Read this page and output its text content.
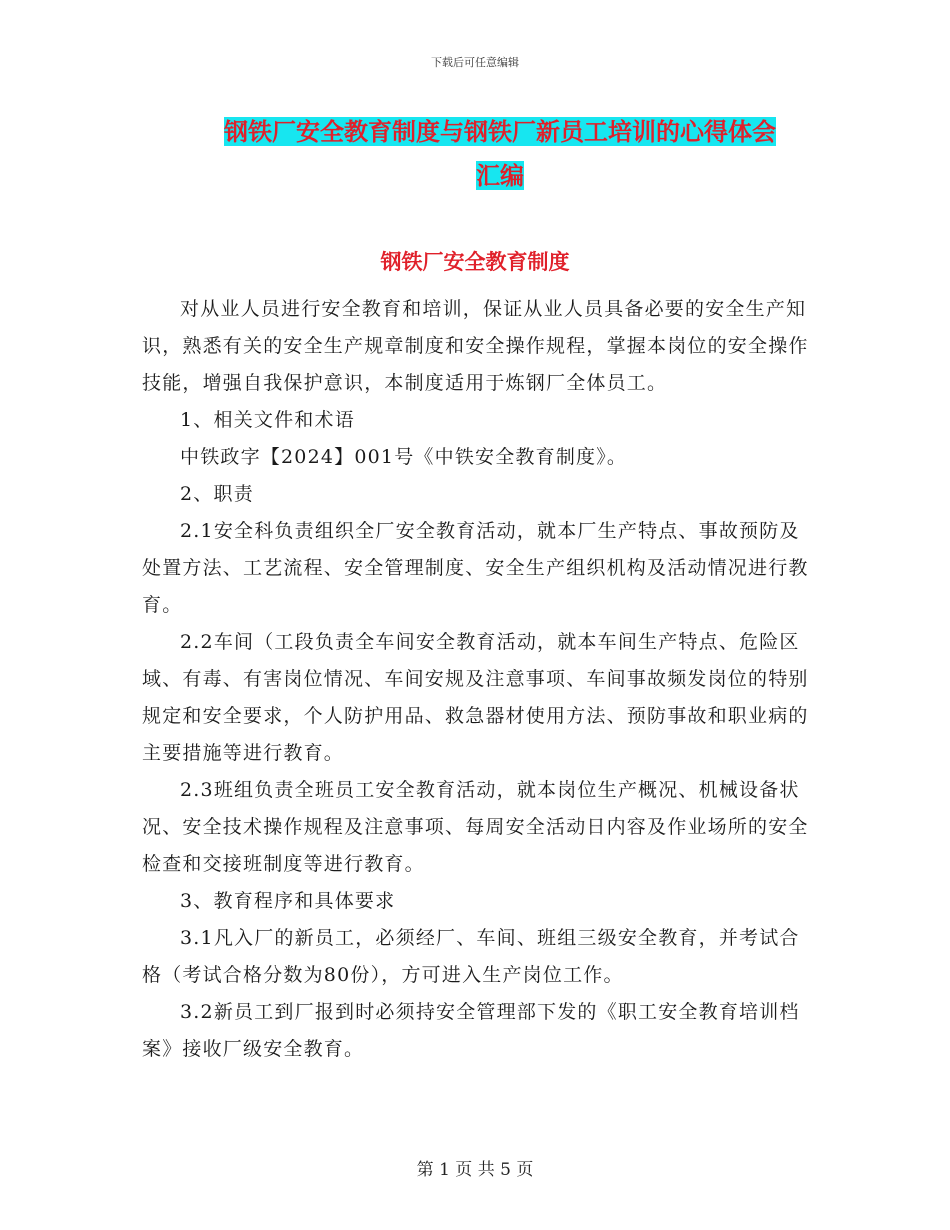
下载后可任意编辑
钢铁厂安全教育制度与钢铁厂新员工培训的心得体会
汇编
钢铁厂安全教育制度

对从业人员进行安全教育和培训，保证从业人员具备必要的安全生产知识，熟悉有关的安全生产规章制度和安全操作规程，掌握本岗位的安全操作技能，增强自我保护意识，本制度适用于炼钢厂全体员工。

1、相关文件和术语

中铁政字【2024】001号《中铁安全教育制度》。

2、职责

2.1安全科负责组织全厂安全教育活动，就本厂生产特点、事故预防及处置方法、工艺流程、安全管理制度、安全生产组织机构及活动情况进行教育。

2.2车间（工段负责全车间安全教育活动，就本车间生产特点、危险区域、有毒、有害岗位情况、车间安规及注意事项、车间事故频发岗位的特别规定和安全要求，个人防护用品、救急器材使用方法、预防事故和职业病的主要措施等进行教育。

2.3班组负责全班员工安全教育活动，就本岗位生产概况、机械设备状况、安全技术操作规程及注意事项、每周安全活动日内容及作业场所的安全检查和交接班制度等进行教育。

3、教育程序和具体要求

3.1凡入厂的新员工，必须经厂、车间、班组三级安全教育，并考试合格（考试合格分数为80份），方可进入生产岗位工作。

3.2新员工到厂报到时必须持安全管理部下发的《职工安全教育培训档案》接收厂级安全教育。

第 1 页 共 5 页
